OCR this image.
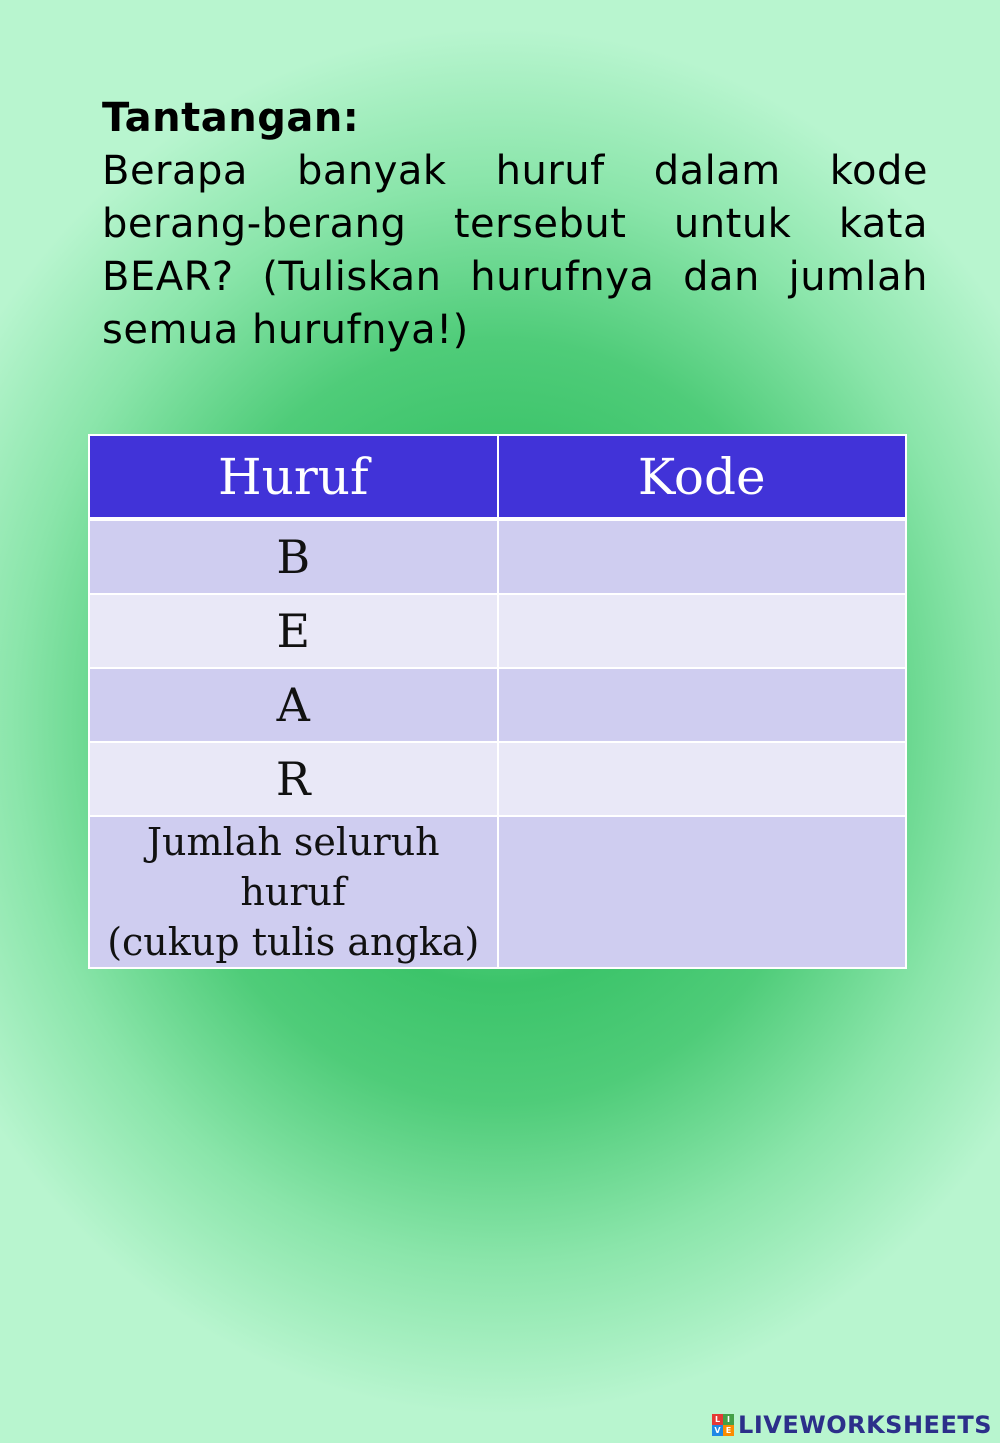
Tantangan:

Berapa banyak huruf dalam kode berang-berang tersebut untuk kata BEAR? (Tuliskan hurufnya dan jumlah semua hurufnya!)

Huruf	Kode
B	
E	
A	
R	
Jumlah seluruh huruf
(cukup tulis angka)	
L I
V E LIVEWORKSHEETS
